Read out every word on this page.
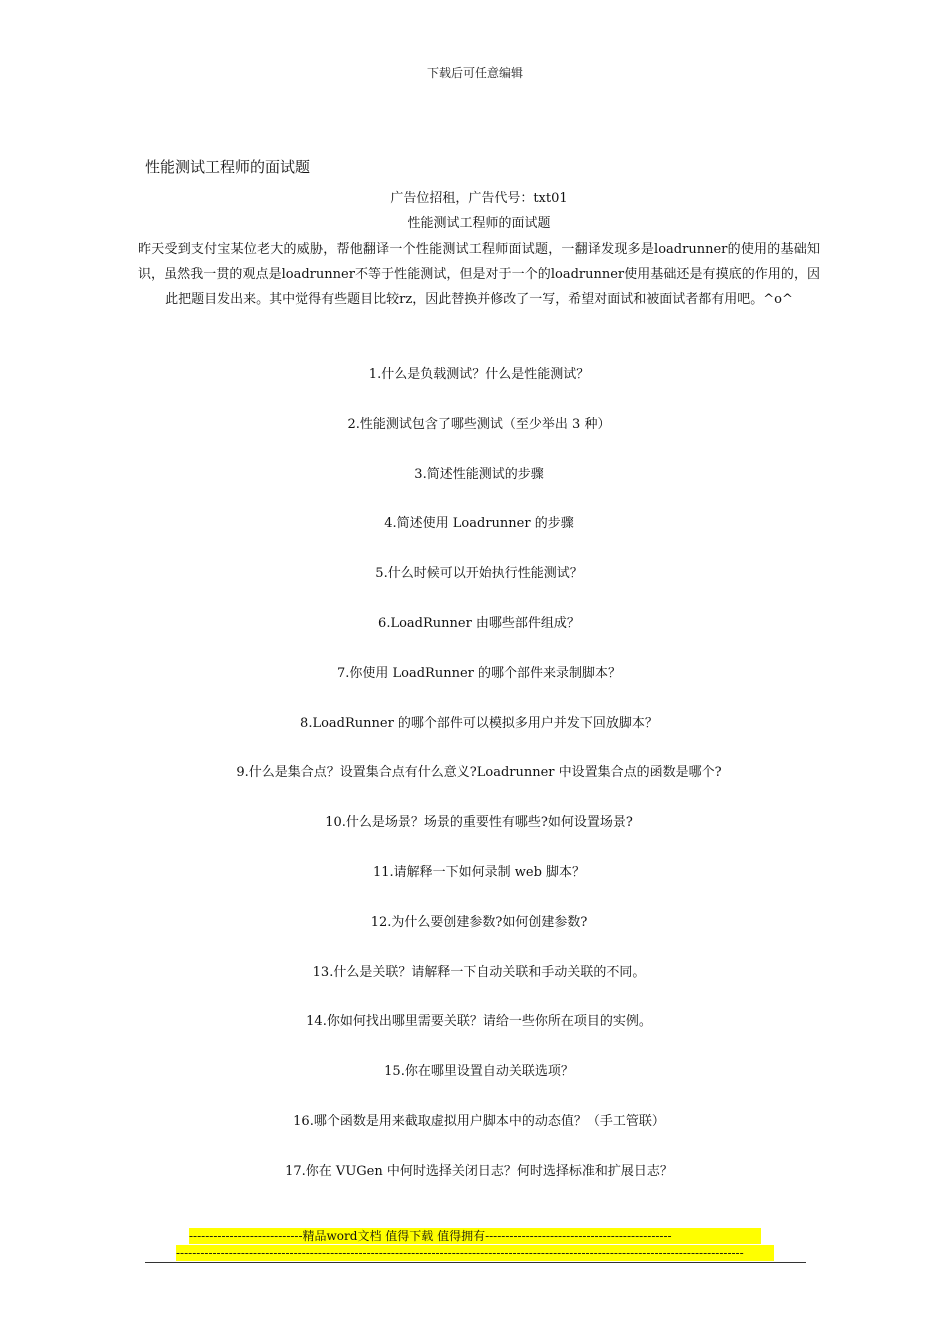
下载后可任意编辑
性能测试工程师的面试题
广告位招租，广告代号：txt01
性能测试工程师的面试题
昨天受到支付宝某位老大的威胁，帮他翻译一个性能测试工程师面试题，一翻译发现多是loadrunner的使用的基础知识，虽然我一贯的观点是loadrunner不等于性能测试，但是对于一个的loadrunner使用基础还是有摸底的作用的，因此把题目发出来。其中觉得有些题目比较rz，因此替换并修改了一写，希望对面试和被面试者都有用吧。^o^
1.什么是负载测试？什么是性能测试？
2.性能测试包含了哪些测试（至少举出 3 种）
3.简述性能测试的步骤
4.简述使用 Loadrunner 的步骤
5.什么时候可以开始执行性能测试？
6.LoadRunner 由哪些部件组成？
7.你使用 LoadRunner 的哪个部件来录制脚本？
8.LoadRunner 的哪个部件可以模拟多用户并发下回放脚本？
9.什么是集合点？设置集合点有什么意义?Loadrunner 中设置集合点的函数是哪个?
10.什么是场景？场景的重要性有哪些?如何设置场景?
11.请解释一下如何录制 web 脚本？
12.为什么要创建参数?如何创建参数?
13.什么是关联？请解释一下自动关联和手动关联的不同。
14.你如何找出哪里需要关联？请给一些你所在项目的实例。
15.你在哪里设置自动关联选项？
16.哪个函数是用来截取虚拟用户脚本中的动态值？（手工管联）
17.你在 VUGen 中何时选择关闭日志？何时选择标准和扩展日志？
----------------------------精品word文档 值得下载 值得拥有----------------------------------------------
--------------------------------------------------------------------------------------------------------------------------------------------
